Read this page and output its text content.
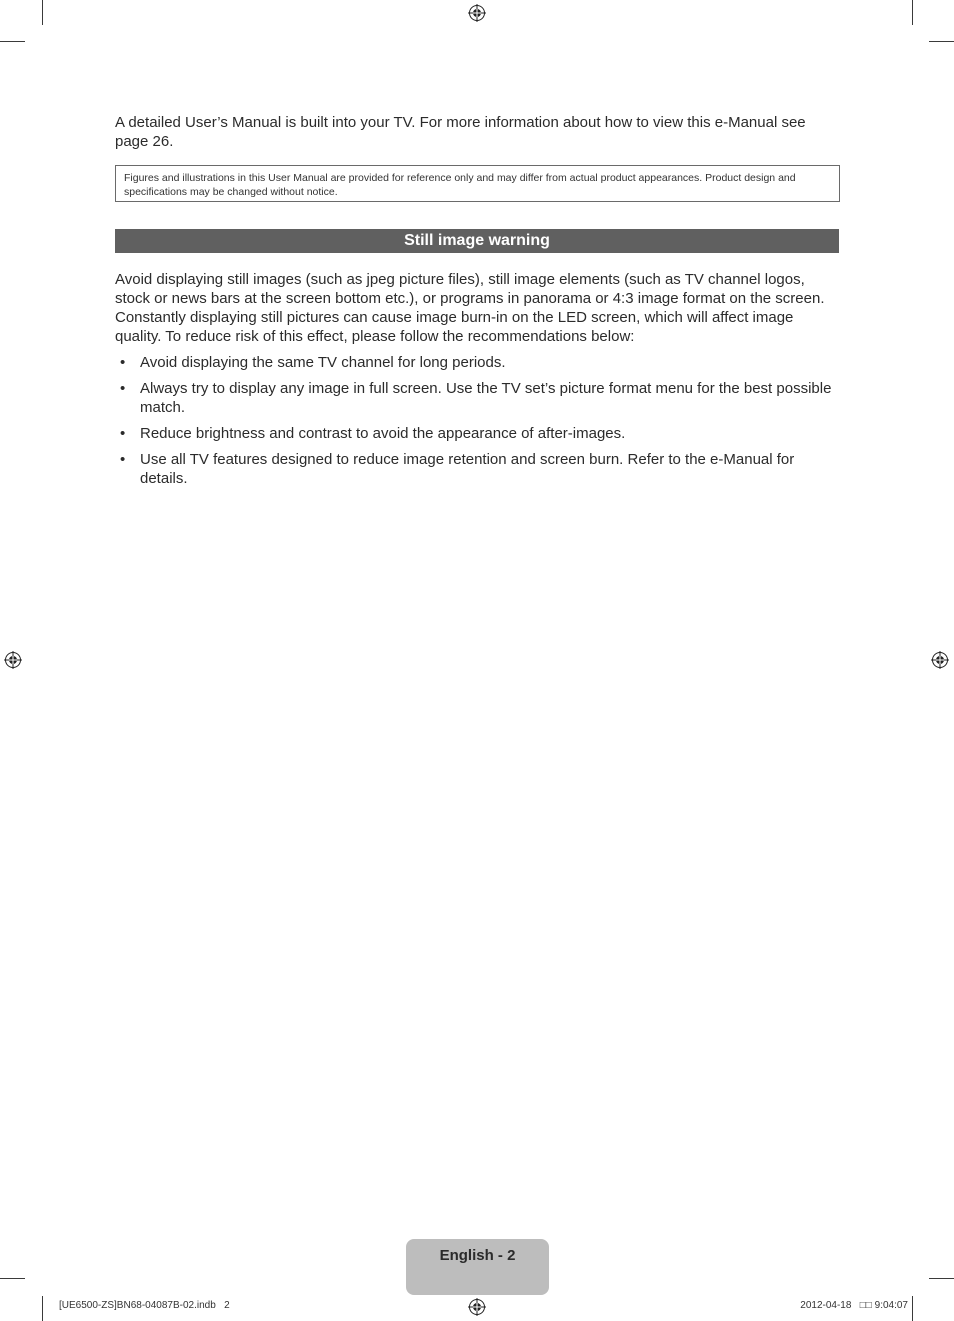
A detailed User’s Manual is built into your TV. For more information about how to view this e-Manual see page 26.

Figures and illustrations in this User Manual are provided for reference only and may differ from actual product appearances. Product design and specifications may be changed without notice.
Still image warning

Avoid displaying still images (such as jpeg picture files), still image elements (such as TV channel logos, stock or news bars at the screen bottom etc.), or programs in panorama or 4:3 image format on the screen. Constantly displaying still pictures can cause image burn-in on the LED screen, which will affect image quality. To reduce risk of this effect, please follow the recommendations below:

• Avoid displaying the same TV channel for long periods.
• Always try to display any image in full screen. Use the TV set’s picture format menu for the best possible match.
• Reduce brightness and contrast to avoid the appearance of after-images.
• Use all TV features designed to reduce image retention and screen burn. Refer to the e-Manual for details.
English - 2
[UE6500-ZS]BN68-04087B-02.indb   2	2012-04-18   □□ 9:04:07
